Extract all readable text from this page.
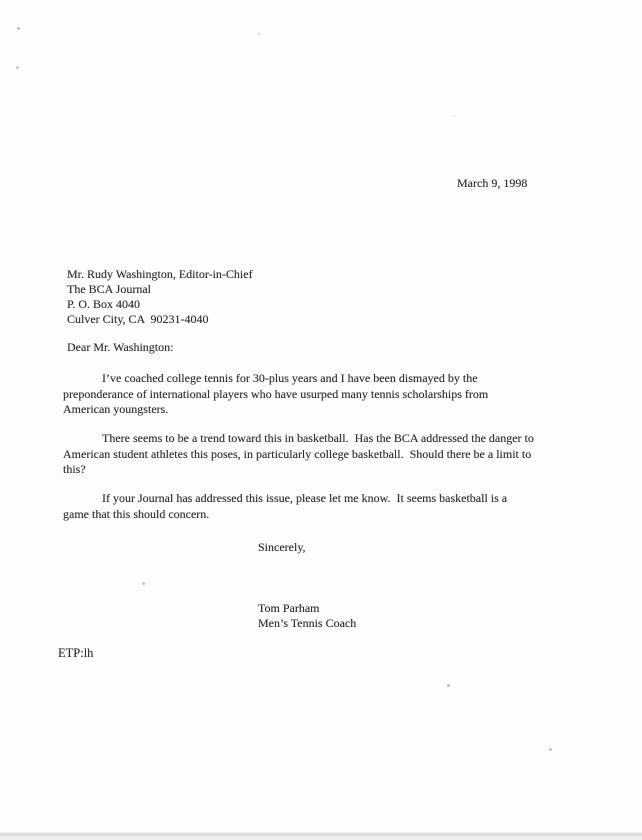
March 9, 1998
Mr. Rudy Washington, Editor-in-Chief
The BCA Journal
P. O. Box 4040
Culver City, CA  90231-4040
Dear Mr. Washington:
I’ve coached college tennis for 30-plus years and I have been dismayed by the
preponderance of international players who have usurped many tennis scholarships from
American youngsters.
There seems to be a trend toward this in basketball.  Has the BCA addressed the danger to
American student athletes this poses, in particularly college basketball.  Should there be a limit to
this?
If your Journal has addressed this issue, please let me know.  It seems basketball is a
game that this should concern.
Sincerely,
Tom Parham
Men’s Tennis Coach
ETP:lh
